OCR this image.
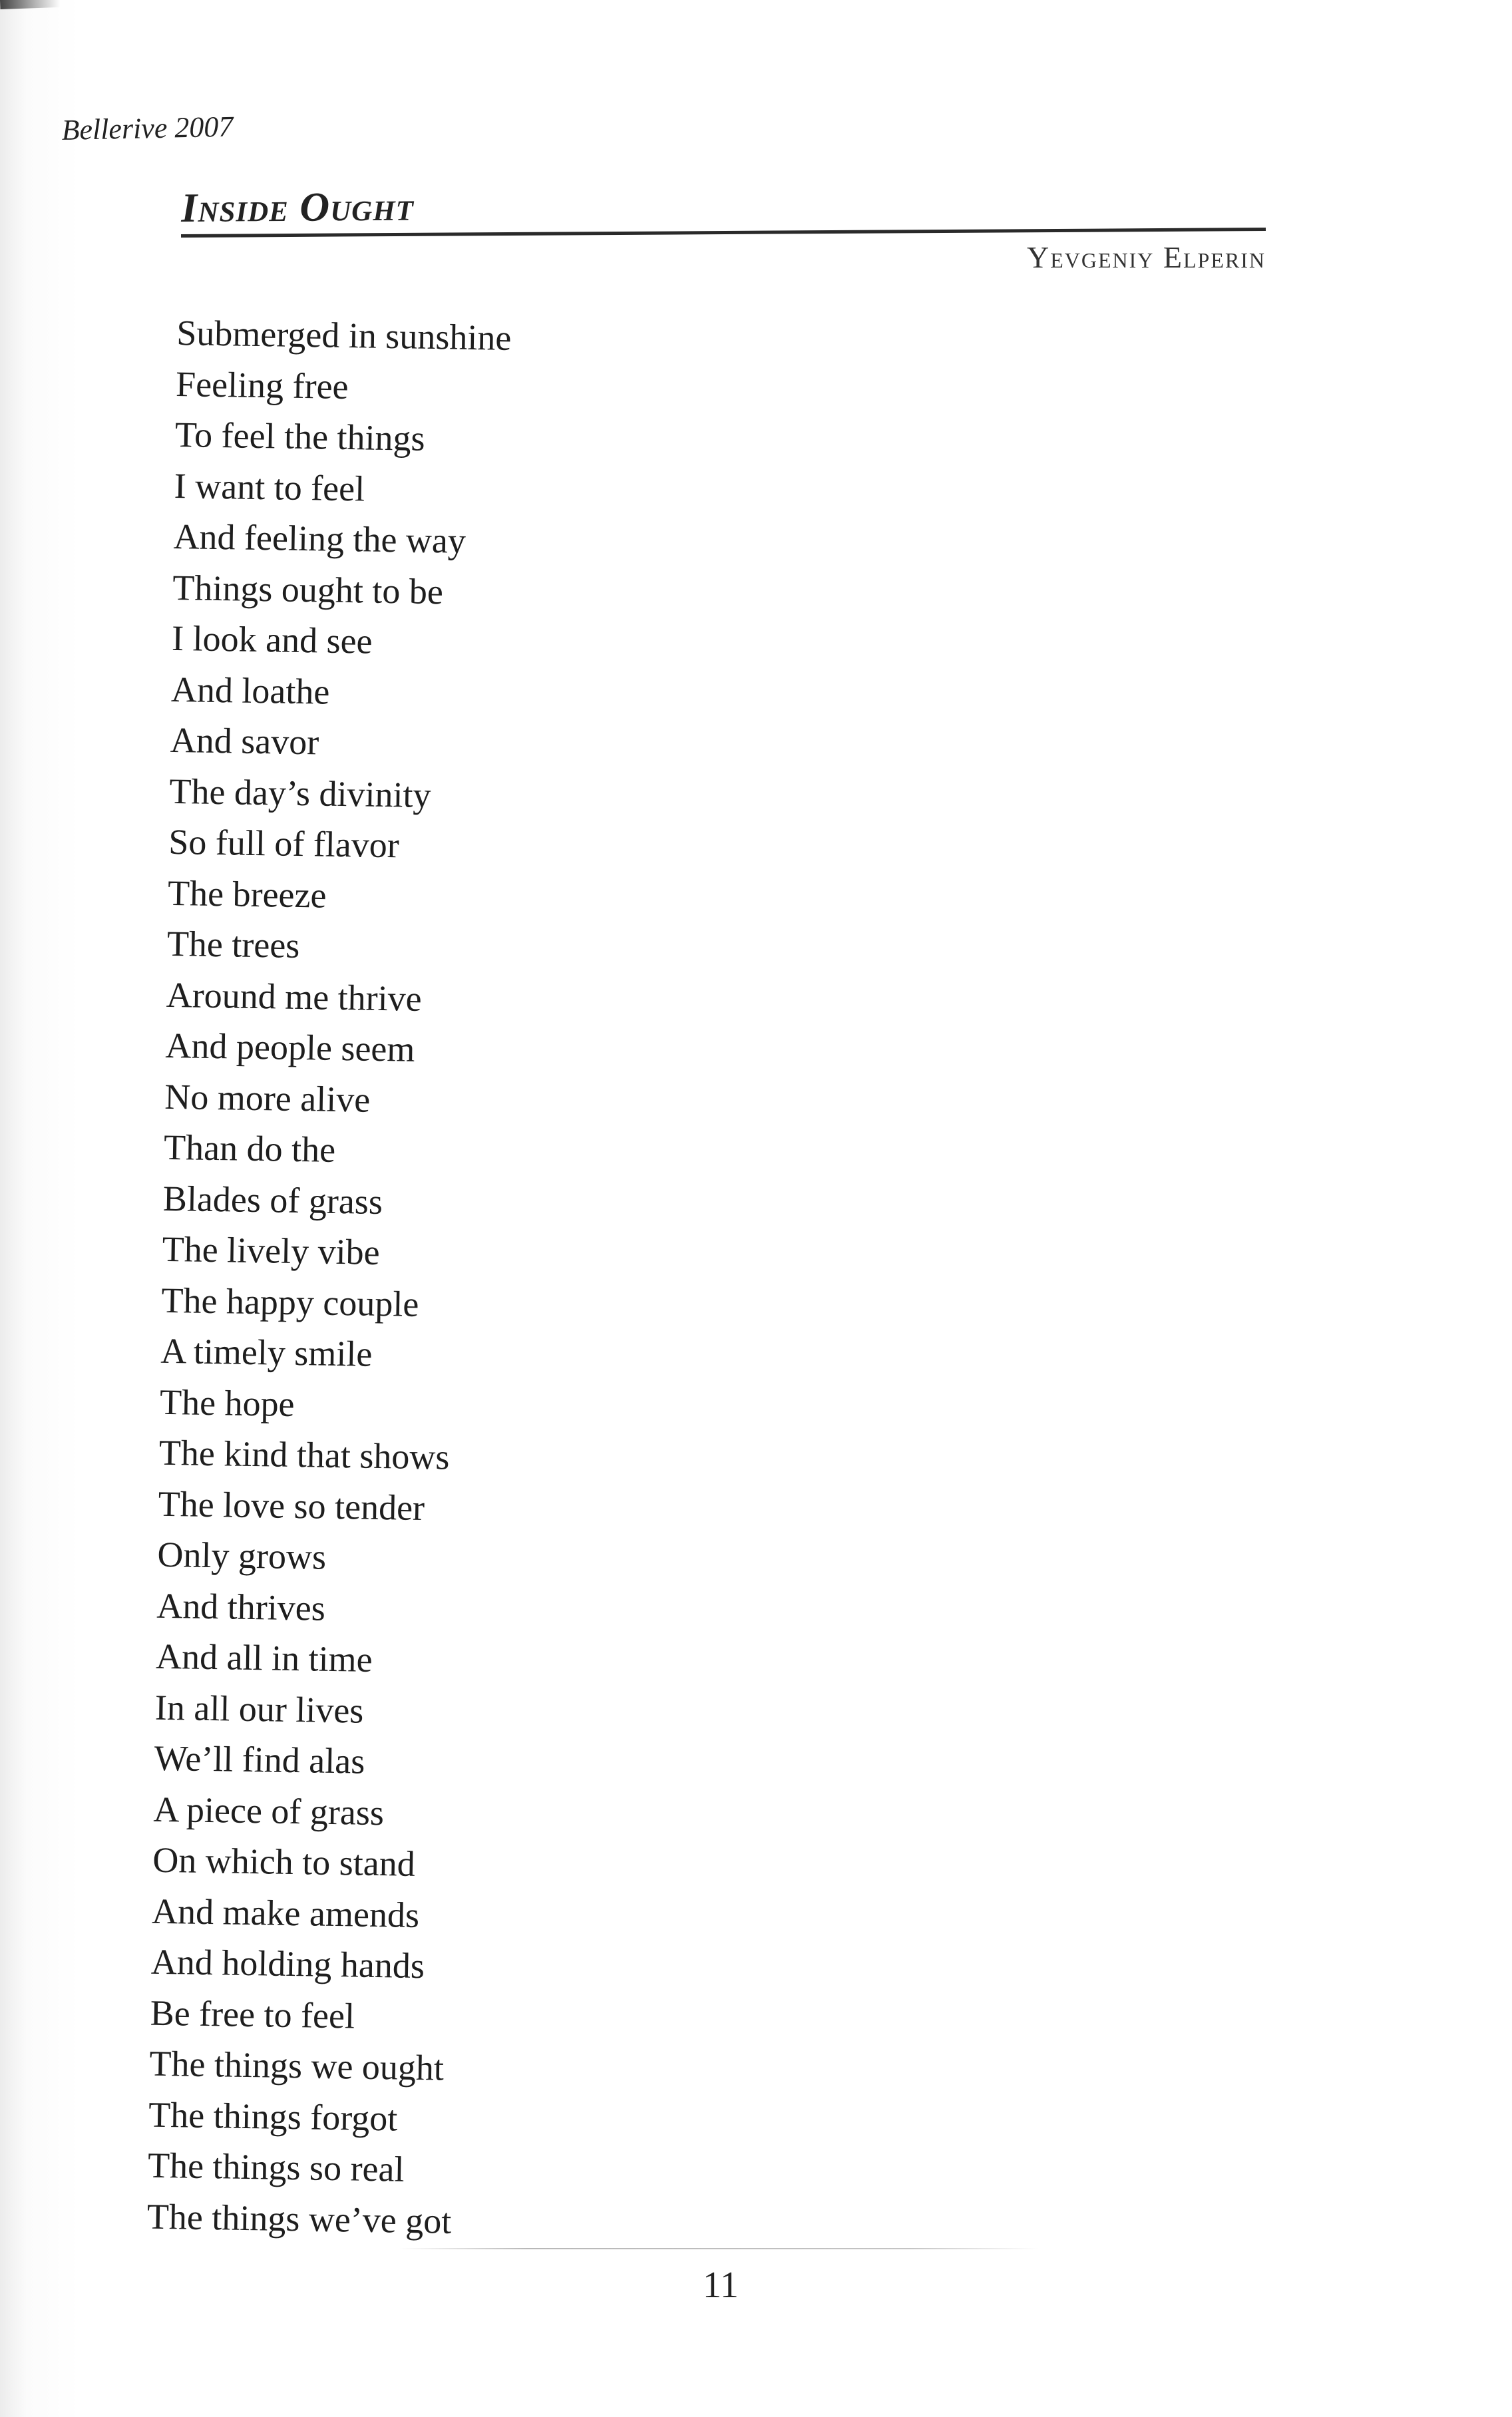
Bellerive 2007
Inside Ought
Yevgeniy Elperin
Submerged in sunshine
Feeling free
To feel the things
I want to feel
And feeling the way
Things ought to be
I look and see
And loathe
And savor
The day’s divinity
So full of flavor
The breeze
The trees
Around me thrive
And people seem
No more alive
Than do the
Blades of grass
The lively vibe
The happy couple
A timely smile
The hope
The kind that shows
The love so tender
Only grows
And thrives
And all in time
In all our lives
We’ll find alas
A piece of grass
On which to stand
And make amends
And holding hands
Be free to feel
The things we ought
The things forgot
The things so real
The things we’ve got
11
